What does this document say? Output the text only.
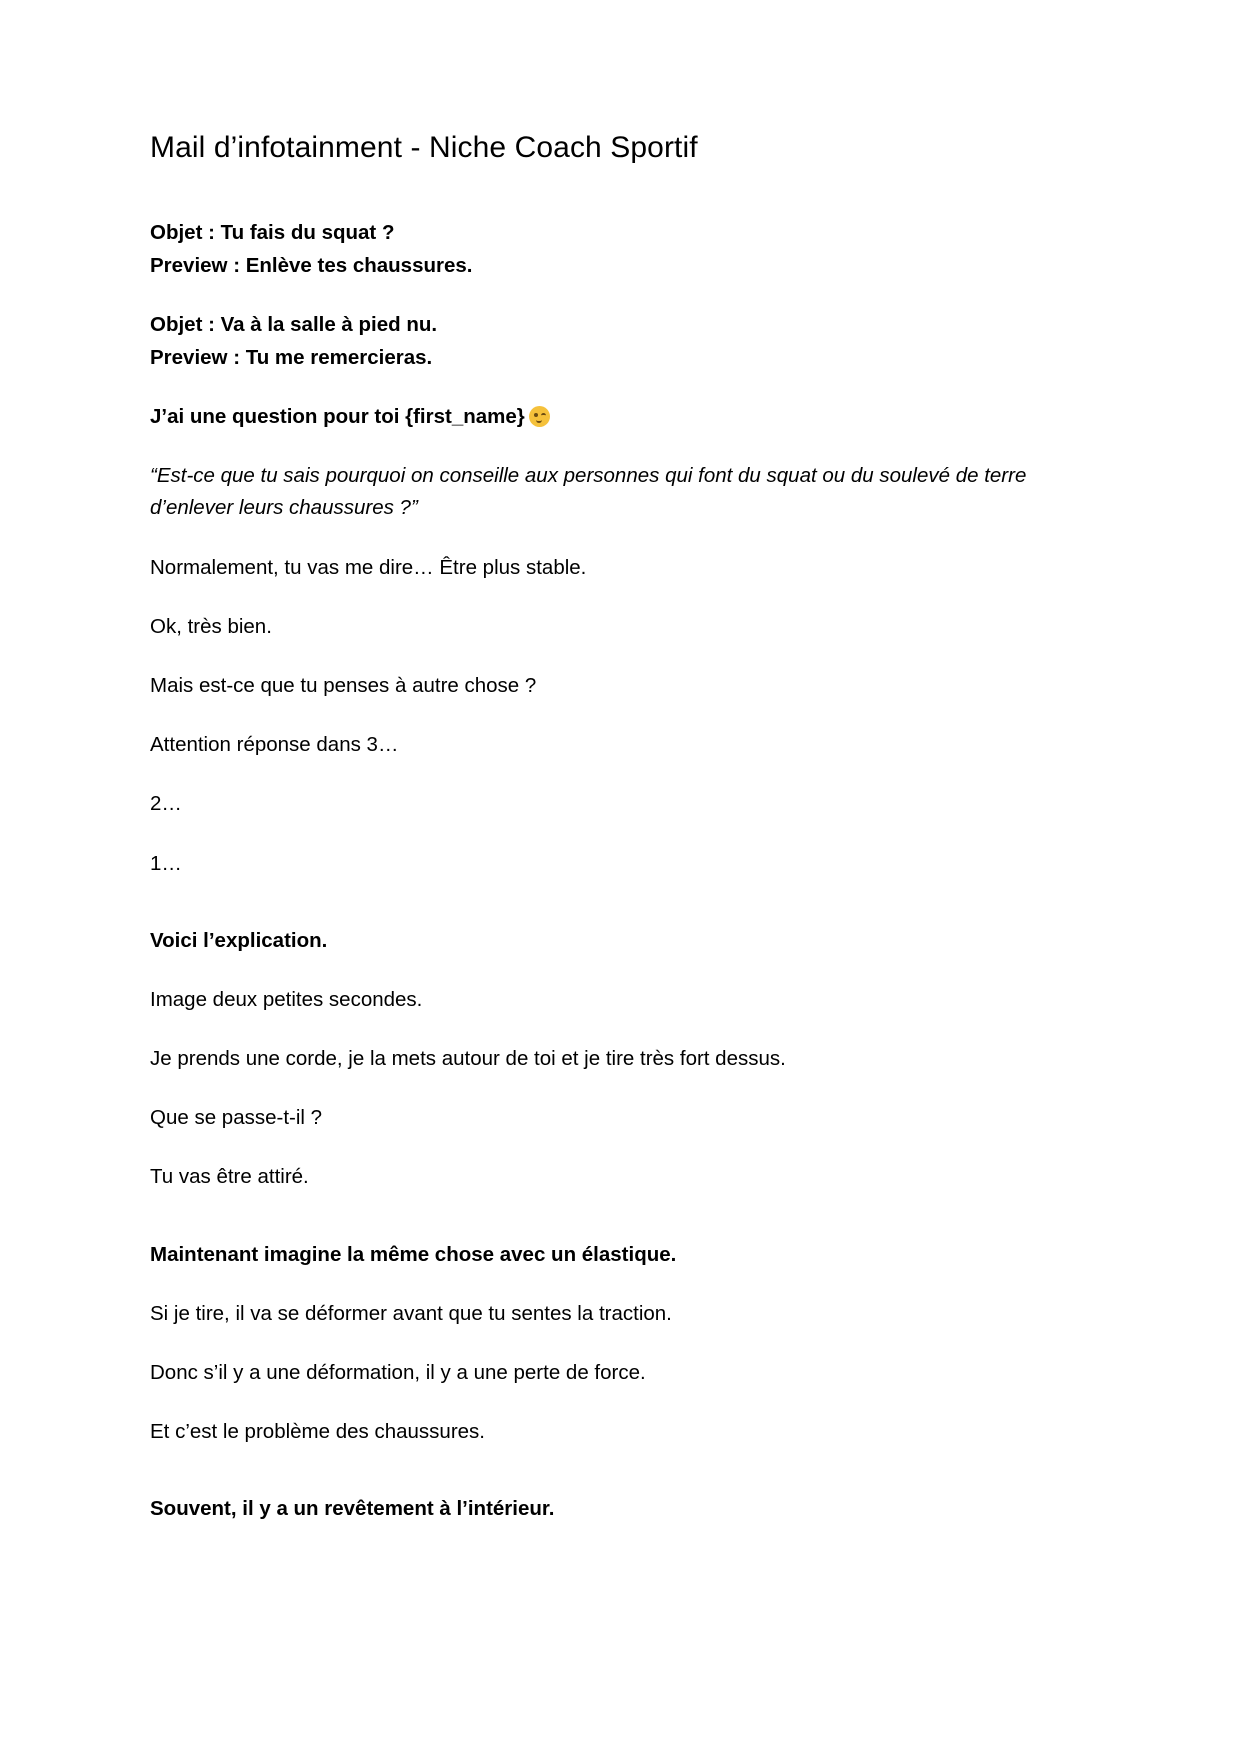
Mail d’infotainment - Niche Coach Sportif

Objet : Tu fais du squat ?

Preview : Enlève tes chaussures.

Objet : Va à la salle à pied nu.

Preview : Tu me remercieras.

J’ai une question pour toi {first_name}

“Est-ce que tu sais pourquoi on conseille aux personnes qui font du squat ou du soulevé de terre d’enlever leurs chaussures ?”

Normalement, tu vas me dire… Être plus stable.

Ok, très bien.

Mais est-ce que tu penses à autre chose ?

Attention réponse dans 3…

2…

1…

Voici l’explication.

Image deux petites secondes.

Je prends une corde, je la mets autour de toi et je tire très fort dessus.

Que se passe-t-il ?

Tu vas être attiré.

Maintenant imagine la même chose avec un élastique.

Si je tire, il va se déformer avant que tu sentes la traction.

Donc s’il y a une déformation, il y a une perte de force.

Et c’est le problème des chaussures.

Souvent, il y a un revêtement à l’intérieur.
